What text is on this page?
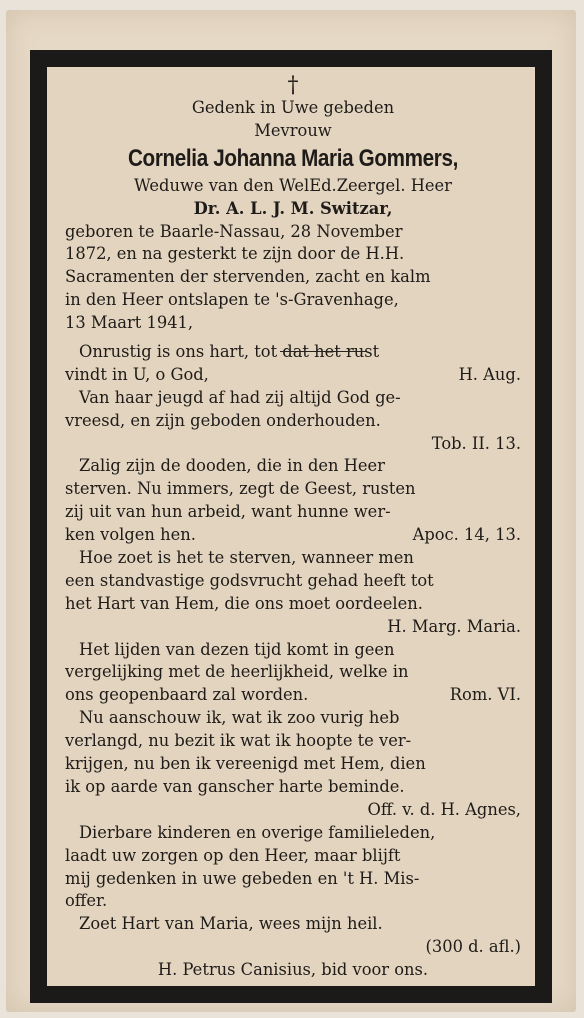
†
Gedenk in Uwe gebeden
Mevrouw
Cornelia Johanna Maria Gommers,
Weduwe van den WelEd.Zeergel. Heer
Dr. A. L. J. M. Switzar,
geboren te Baarle-Nassau, 28 November
1872, en na gesterkt te zijn door de H.H.
Sacramenten der stervenden, zacht en kalm
in den Heer ontslapen te 's-Gravenhage,
13 Maart 1941,
Onrustig is ons hart, tot dat het rust
vindt in U, o God,	H. Aug.
Van haar jeugd af had zij altijd God ge-
vreesd, en zijn geboden onderhouden.
Tob. II. 13.
Zalig zijn de dooden, die in den Heer
sterven. Nu immers, zegt de Geest, rusten
zij uit van hun arbeid, want hunne wer-
ken volgen hen.	Apoc. 14, 13.
Hoe zoet is het te sterven, wanneer men
een standvastige godsvrucht gehad heeft tot
het Hart van Hem, die ons moet oordeelen.
H. Marg. Maria.
Het lijden van dezen tijd komt in geen
vergelijking met de heerlijkheid, welke in
ons geopenbaard zal worden.	Rom. VI.
Nu aanschouw ik, wat ik zoo vurig heb
verlangd, nu bezit ik wat ik hoopte te ver-
krijgen, nu ben ik vereenigd met Hem, dien
ik op aarde van ganscher harte beminde.
Off. v. d. H. Agnes,
Dierbare kinderen en overige familieleden,
laadt uw zorgen op den Heer, maar blijft
mij gedenken in uwe gebeden en 't H. Mis-
offer.
Zoet Hart van Maria, wees mijn heil.
(300 d. afl.)
H. Petrus Canisius, bid voor ons.
